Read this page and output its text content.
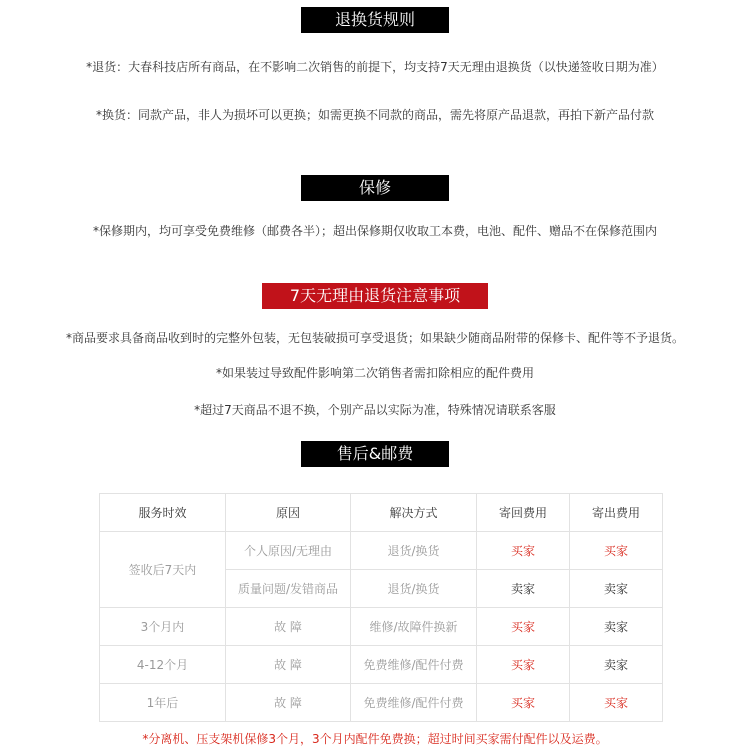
退换货规则
*退货：大春科技店所有商品，在不影响二次销售的前提下，均支持7天无理由退换货（以快递签收日期为准）
*换货：同款产品，非人为损坏可以更换；如需更换不同款的商品，需先将原产品退款，再拍下新产品付款
保修
*保修期内，均可享受免费维修（邮费各半）；超出保修期仅收取工本费，电池、配件、赠品不在保修范围内
7天无理由退货注意事项
*商品要求具备商品收到时的完整外包装，无包装破损可享受退货；如果缺少随商品附带的保修卡、配件等不予退货。
*如果装过导致配件影响第二次销售者需扣除相应的配件费用
*超过7天商品不退不换，个别产品以实际为准，特殊情况请联系客服
售后&邮费
服务时效	原因	解决方式	寄回费用	寄出费用
签收后7天内	个人原因/无理由	退货/换货	买家	买家
	质量问题/发错商品	退货/换货	卖家	卖家
3个月内	故 障	维修/故障件换新	买家	卖家
4-12个月	故 障	免费维修/配件付费	买家	卖家
1年后	故 障	免费维修/配件付费	买家	买家
*分离机、压支架机保修3个月，3个月内配件免费换；超过时间买家需付配件以及运费。
